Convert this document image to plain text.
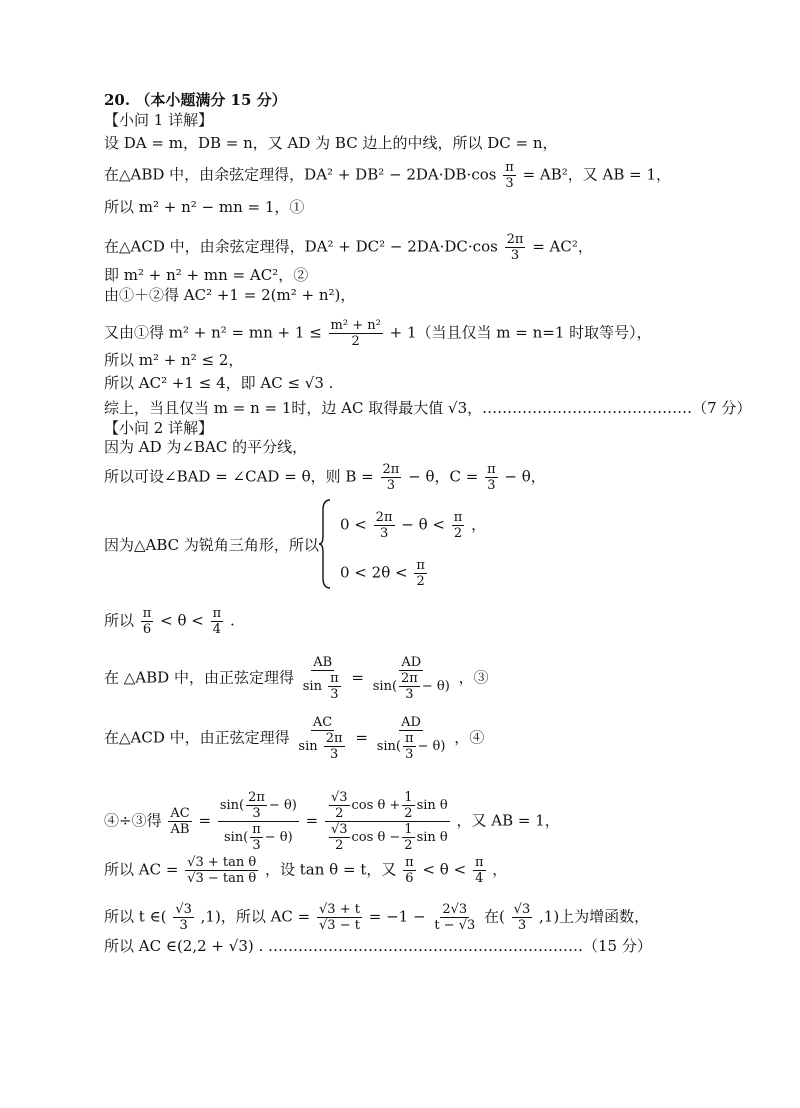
20. （本小题满分 15 分）
【小问 1 详解】
设 DA = m，DB = n，又 AD 为 BC 边上的中线，所以 DC = n，
在△ABD 中，由余弦定理得，$DA^2 + DB^2 - 2DA\cdot DB\cdot\cos \frac{\pi}{3} = AB^2$，又 AB = 1，
所以 m² + n² − mn = 1，①
在△ACD 中，由余弦定理得，$DA^2 + DC^2 - 2DA\cdot DC\cdot\cos \frac{2\pi}{3} = AC^2$，
即 m² + n² + mn = AC²，②
由①＋②得 AC² +1 = 2(m² + n²)，
又由①得 m² + n² = mn + $1 \le \frac{\text{m² + n²}}{2} + 1$（当且仅当 m = n=1 时取等号），
所以 m² + n² ≤ 2，
所以 AC² +1 ≤ 4，即 AC ≤ √3 .
综上，当且仅当 m = n = 1时，边 AC 取得最大值 √3，……………………………………（7 分）
【小问 2 详解】
因为 AD 为∠BAC 的平分线，
所以可设∠BAD = ∠CAD = θ，则 $B = \frac{2\pi}{3} - \theta$，$C = \frac{\pi}{3} - \theta$，
因为△ABC 为锐角三角形，所以
$0 < \frac{2\pi}{3} - \theta < \frac{\pi}{2}$ ，
$0 < 2\theta < \frac{\pi}{2}$
所以 $\frac{\pi}{6} < \theta < \frac{\pi}{4}$ .
在 △ABD 中，由正弦定理得 $\frac{AB}{\sin \frac{\pi}{3}} = \frac{AD}{\sin( \frac{2\pi}{3} - \theta)}$ ，③
在△ACD 中，由正弦定理得 $\frac{AC}{\sin \frac{2\pi}{3}} = \frac{AD}{\sin( \frac{\pi}{3} - \theta)}$ ，④
④÷③得 $\frac{AC}{AB} = \frac{\sin( \frac{2\pi}{3} - \theta)}{\sin( \frac{\pi}{3} - \theta)} = \frac{\frac{√3}{2} \cos \theta + \frac{1}{2} \sin \theta}{\frac{√3}{2} \cos \theta - \frac{1}{2} \sin \theta}$ ，又 AB = 1，
所以 AC = $\frac{\text{√3 + tan θ}}{\text{√3 − tan θ}}$ ，设 tan θ = t，又 $\frac{\pi}{6} < \theta < \frac{\pi}{4}$ ，
所以 t ∈( $\frac{√3}{3} ,1$)，所以 AC = $\frac{√3 + t}{√3 - t} = -1 - \frac{2√3}{t - √3}$ 在( $\frac{√3}{3} ,1$)上为增函数，
所以 AC ∈(2,2 + √3) . ………………………………………………………（15 分）
